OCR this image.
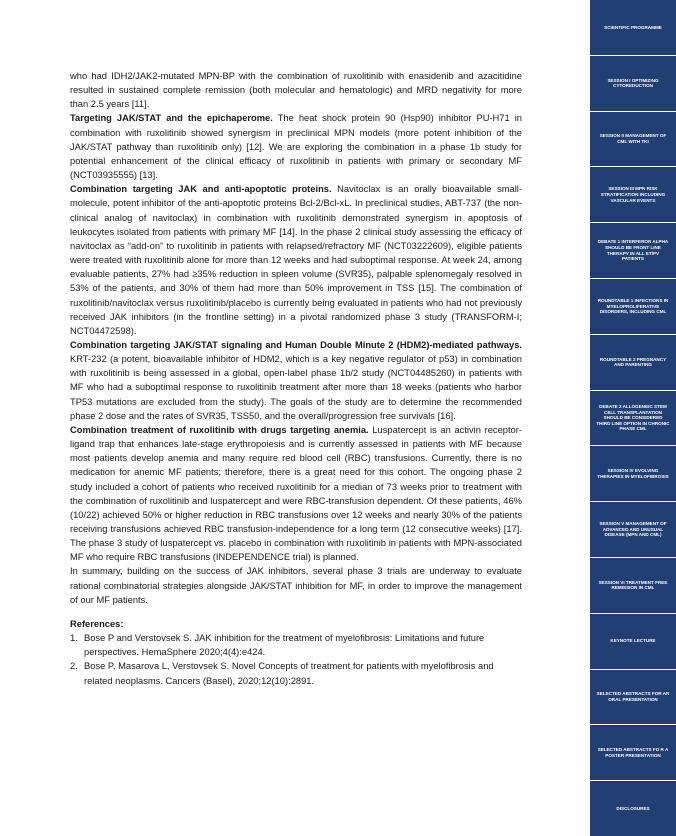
who had IDH2/JAK2-mutated MPN-BP with the combination of ruxolitinib with enasidenib and azacitidine resulted in sustained complete remission (both molecular and hematologic) and MRD negativity for more than 2.5 years [11].

Targeting JAK/STAT and the epichaperome. The heat shock protein 90 (Hsp90) inhibitor PU-H71 in combination with ruxolitinib showed synergism in preclinical MPN models (more potent inhibition of the JAK/STAT pathway than ruxolitinib only) [12]. We are exploring the combination in a phase 1b study for potential enhancement of the clinical efficacy of ruxolitinib in patients with primary or secondary MF (NCT03935555) [13].

Combination targeting JAK and anti-apoptotic proteins. Navitoclax is an orally bioavailable small-molecule, potent inhibitor of the anti-apoptotic proteins Bcl-2/Bcl-xL. In preclinical studies, ABT-737 (the non-clinical analog of navitoclax) in combination with ruxolitinib demonstrated synergism in apoptosis of leukocytes isolated from patients with primary MF [14]. In the phase 2 clinical study assessing the efficacy of navitoclax as “add-on” to ruxolitinib in patients with relapsed/refractory MF (NCT03222609), eligible patients were treated with ruxolitinib alone for more than 12 weeks and had suboptimal response. At week 24, among evaluable patients, 27% had ≥35% reduction in spleen volume (SVR35), palpable splenomegaly resolved in 53% of the patients, and 30% of them had more than 50% improvement in TSS [15]. The combination of ruxolitinib/navitoclax versus ruxolitinib/placebo is currently being evaluated in patients who had not previously received JAK inhibitors (in the frontline setting) in a pivotal randomized phase 3 study (TRANSFORM-I; NCT04472598).

Combination targeting JAK/STAT signaling and Human Double Minute 2 (HDM2)-mediated pathways. KRT-232 (a potent, bioavailable inhibitor of HDM2, which is a key negative regulator of p53) in combination with ruxolitinib is being assessed in a global, open-label phase 1b/2 study (NCT04485260) in patients with MF who had a suboptimal response to ruxolitinib treatment after more than 18 weeks (patients who harbor TP53 mutations are excluded from the study). The goals of the study are to determine the recommended phase 2 dose and the rates of SVR35, TSS50, and the overall/progression free survivals [16].

Combination treatment of ruxolitinib with drugs targeting anemia. Luspatercept is an activin receptor-ligand trap that enhances late-stage erythropoiesis and is currently assessed in patients with MF because most patients develop anemia and many require red blood cell (RBC) transfusions. Currently, there is no medication for anemic MF patients; therefore, there is a great need for this cohort. The ongoing phase 2 study included a cohort of patients who received ruxolitinib for a median of 73 weeks prior to treatment with the combination of ruxolitinib and luspatercept and were RBC-transfusion dependent. Of these patients, 46% (10/22) achieved 50% or higher reduction in RBC transfusions over 12 weeks and nearly 30% of the patients receiving transfusions achieved RBC transfusion-independence for a long term (12 consecutive weeks) [17]. The phase 3 study of luspatercept vs. placebo in combination with ruxolitinib in patients with MPN-associated MF who require RBC transfusions (INDEPENDENCE trial) is planned.

In summary, building on the success of JAK inhibitors, several phase 3 trials are underway to evaluate rational combinatorial strategies alongside JAK/STAT inhibition for MF, in order to improve the management of our MF patients.

References:

1. Bose P and Verstovsek S. JAK inhibition for the treatment of myelofibrosis: Limitations and future perspectives. HemaSphere 2020;4(4):e424.
2. Bose P, Masarova L, Verstovsek S. Novel Concepts of treatment for patients with myelofibrosis and related neoplasms. Cancers (Basel), 2020;12(10):2891.
SCIENTIFIC PROGRAMME
SESSION I OPTIMIZING CYTOREDUCTION
SESSION II MANAGEMENT OF CML WITH TKI
SESSION III MPN RISK STRATIFICATION INCLUDING VASCULAR EVENTS
DEBATE 1 INTERFERON ALPHA SHOULD BE FRONT LINE THERAPY IN ALL ET/PV PATIENTS
ROUNDTABLE 1 INFECTIONS IN MYELOPROLIFERATIVE DISORDERS, INCLUDING CML
ROUNDTABLE 2 PREGNANCY AND PARENTING
DEBATE 2 ALLOGENEIC STEM CELL TRANSPLANTATION SHOULD BE CONSIDERED THIRD LINE OPTION IN CHRONIC PHASE CML
SESSION IV EVOLVING THERAPIES IN MYELOFIBROSIS
SESSION V MANAGEMENT OF ADVANCED AND UNUSUAL DISEASE (MPN AND CML)
SESSION VI TREATMENT FREE REMISSION IN CML
KEYNOTE LECTURE
SELECTED ABSTRACTS FOR AN ORAL PRESENTATION
SELECTED ABSTRACTS FO R A POSTER PRESENTATION
DISCLOSURES
